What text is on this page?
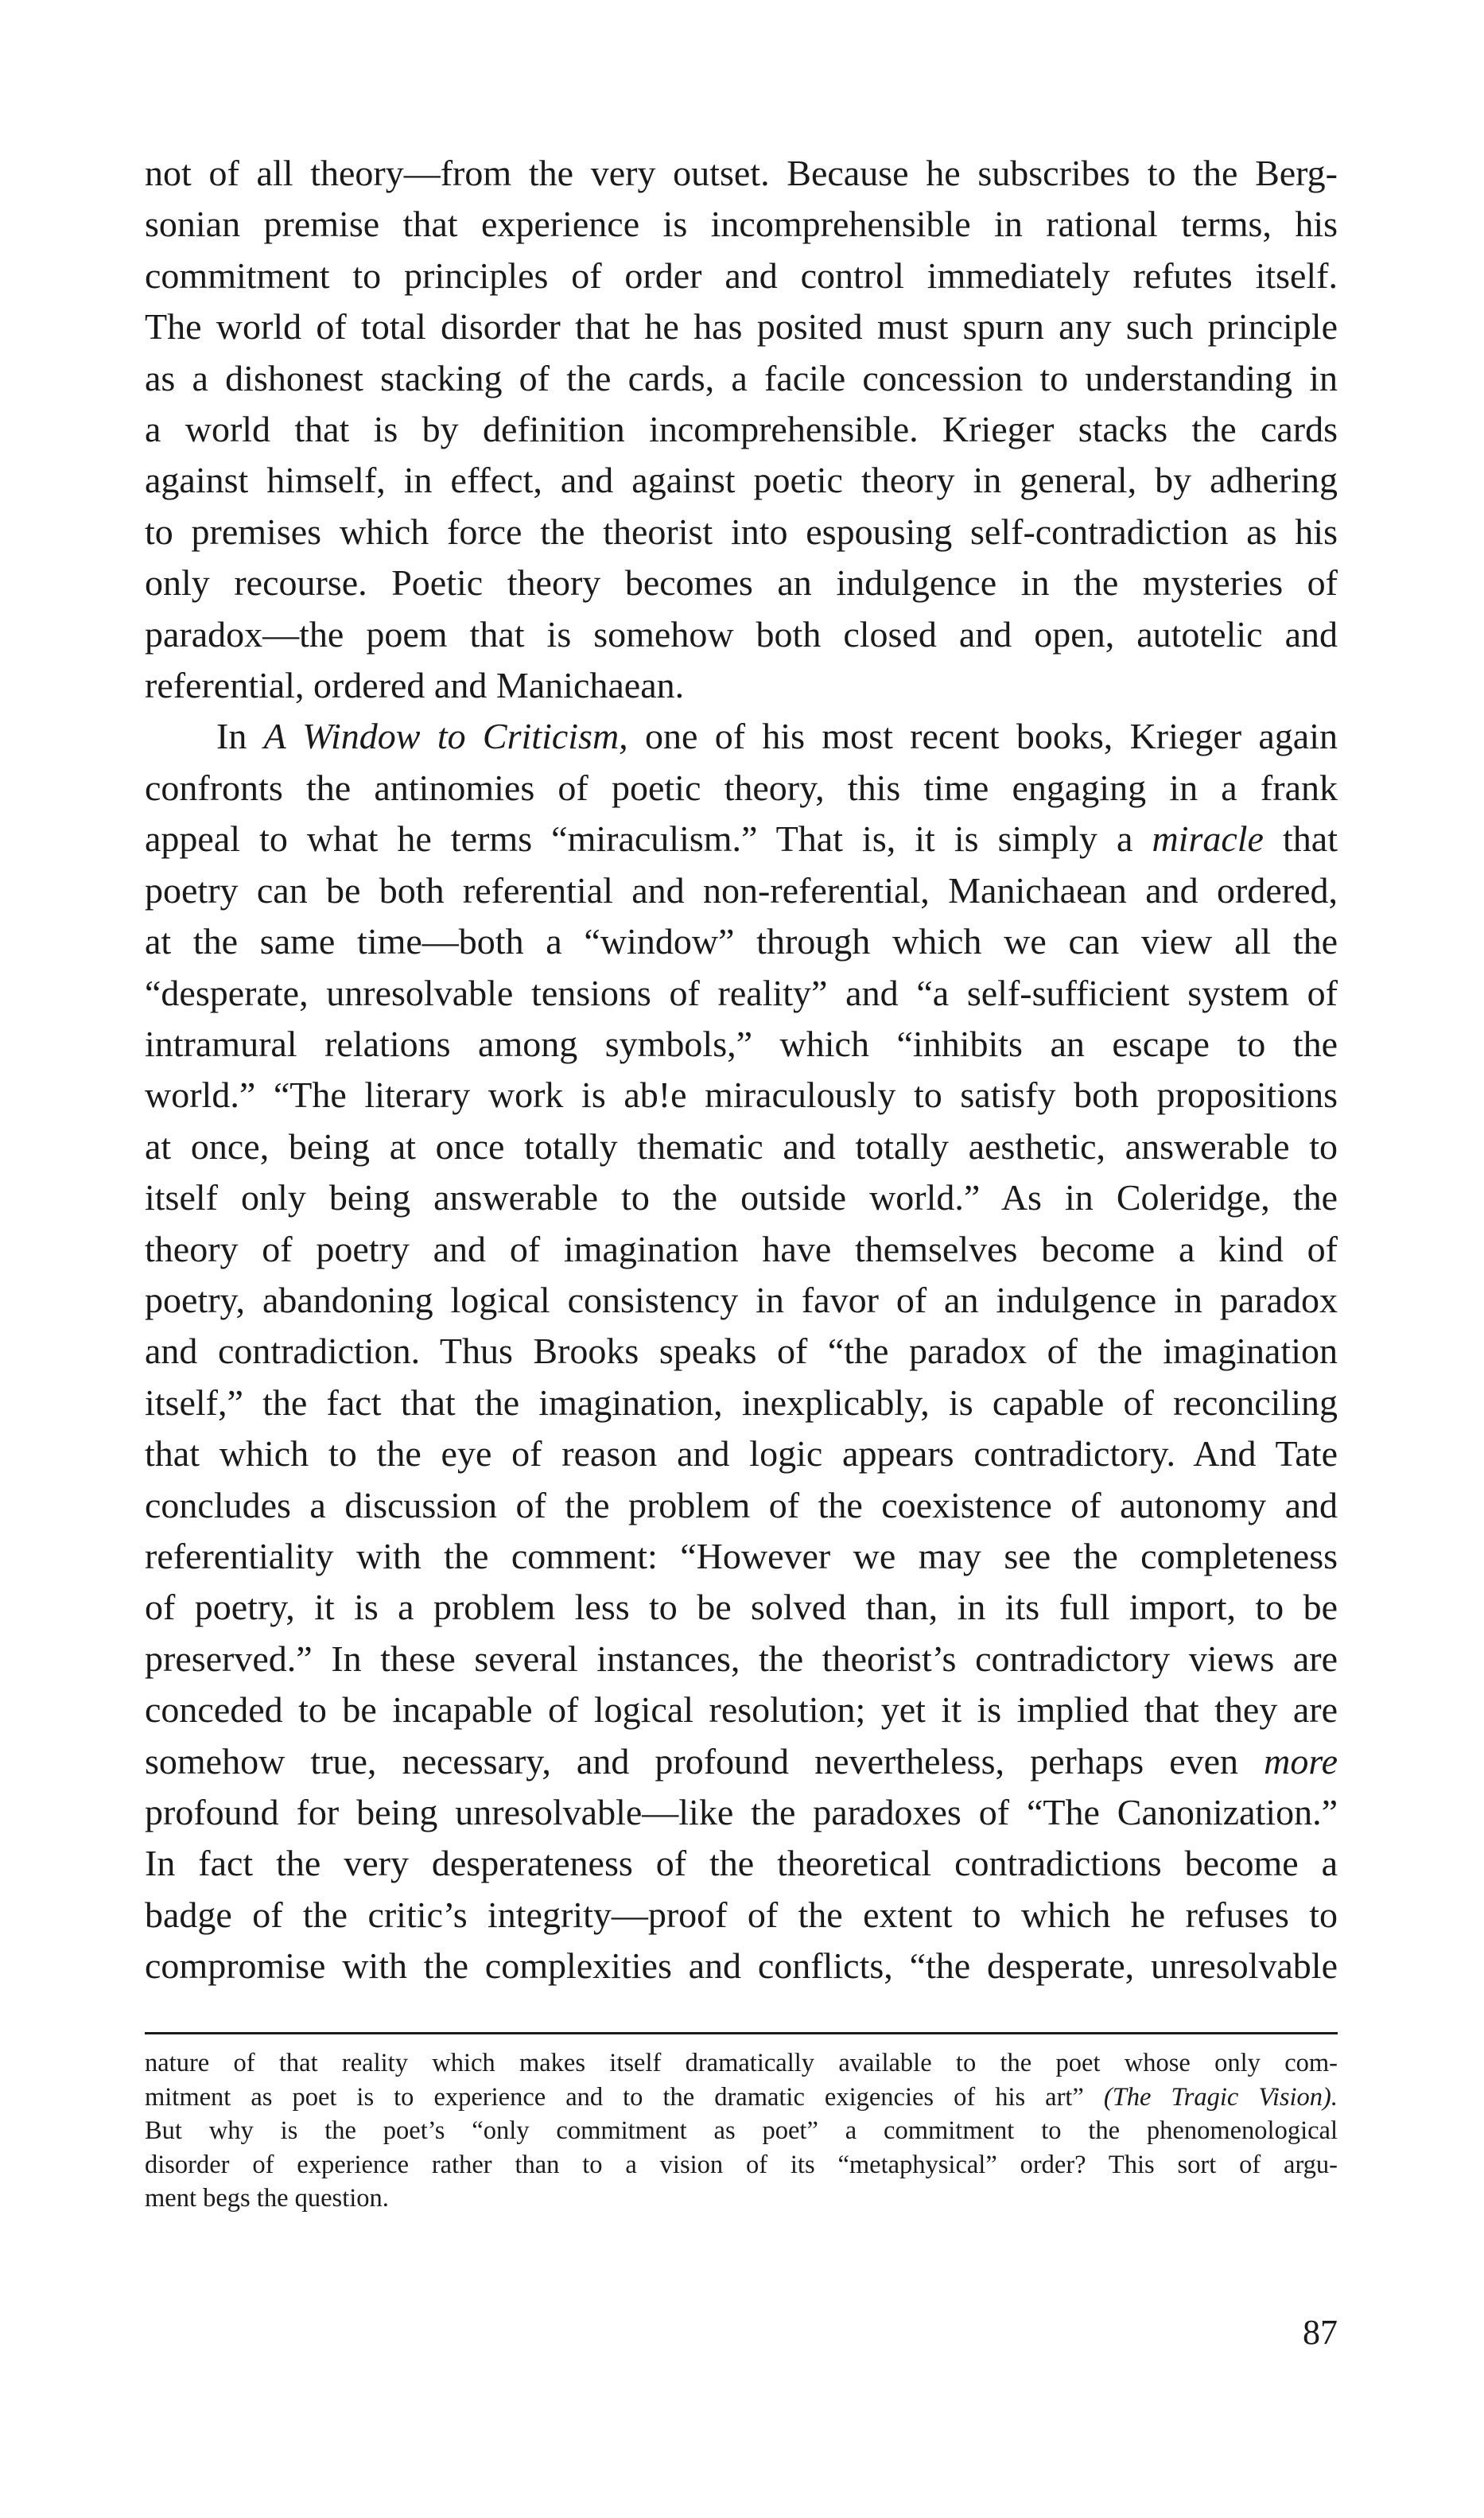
not of all theory—from the very outset. Because he subscribes to the Berg-
sonian premise that experience is incomprehensible in rational terms, his
commitment to principles of order and control immediately refutes itself.
The world of total disorder that he has posited must spurn any such principle
as a dishonest stacking of the cards, a facile concession to understanding in
a world that is by definition incomprehensible. Krieger stacks the cards
against himself, in effect, and against poetic theory in general, by adhering
to premises which force the theorist into espousing self-contradiction as his
only recourse. Poetic theory becomes an indulgence in the mysteries of
paradox—the poem that is somehow both closed and open, autotelic and
referential, ordered and Manichaean.
In A Window to Criticism, one of his most recent books, Krieger again
confronts the antinomies of poetic theory, this time engaging in a frank
appeal to what he terms “miraculism.” That is, it is simply a miracle that
poetry can be both referential and non-referential, Manichaean and ordered,
at the same time—both a “window” through which we can view all the
“desperate, unresolvable tensions of reality” and “a self-sufficient system of
intramural relations among symbols,” which “inhibits an escape to the
world.” “The literary work is ab!e miraculously to satisfy both propositions
at once, being at once totally thematic and totally aesthetic, answerable to
itself only being answerable to the outside world.” As in Coleridge, the
theory of poetry and of imagination have themselves become a kind of
poetry, abandoning logical consistency in favor of an indulgence in paradox
and contradiction. Thus Brooks speaks of “the paradox of the imagination
itself,” the fact that the imagination, inexplicably, is capable of reconciling
that which to the eye of reason and logic appears contradictory. And Tate
concludes a discussion of the problem of the coexistence of autonomy and
referentiality with the comment: “However we may see the completeness
of poetry, it is a problem less to be solved than, in its full import, to be
preserved.” In these several instances, the theorist’s contradictory views are
conceded to be incapable of logical resolution; yet it is implied that they are
somehow true, necessary, and profound nevertheless, perhaps even more
profound for being unresolvable—like the paradoxes of “The Canonization.”
In fact the very desperateness of the theoretical contradictions become a
badge of the critic’s integrity—proof of the extent to which he refuses to
compromise with the complexities and conflicts, “the desperate, unresolvable
nature of that reality which makes itself dramatically available to the poet whose only com-
mitment as poet is to experience and to the dramatic exigencies of his art” (The Tragic Vision).
But why is the poet’s “only commitment as poet” a commitment to the phenomenological
disorder of experience rather than to a vision of its “metaphysical” order? This sort of argu-
ment begs the question.
87
